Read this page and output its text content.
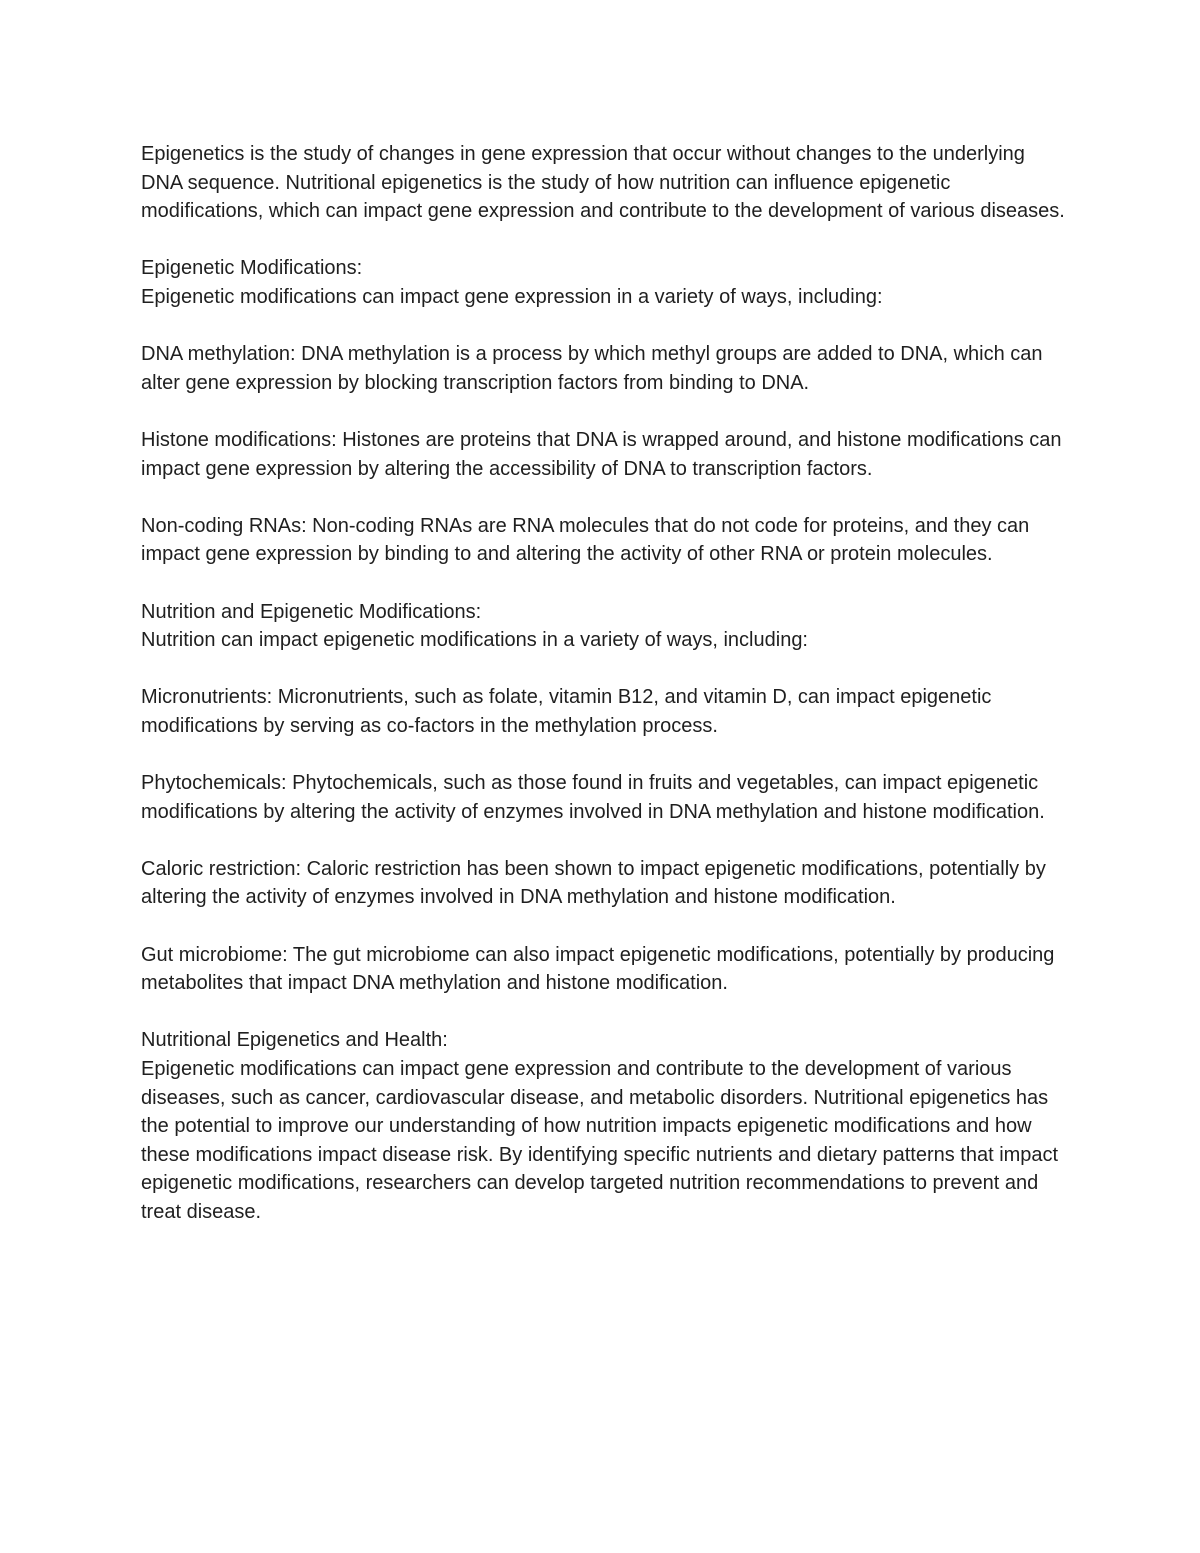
Epigenetics is the study of changes in gene expression that occur without changes to the underlying DNA sequence. Nutritional epigenetics is the study of how nutrition can influence epigenetic modifications, which can impact gene expression and contribute to the development of various diseases.

Epigenetic Modifications:

Epigenetic modifications can impact gene expression in a variety of ways, including:

DNA methylation: DNA methylation is a process by which methyl groups are added to DNA, which can alter gene expression by blocking transcription factors from binding to DNA.

Histone modifications: Histones are proteins that DNA is wrapped around, and histone modifications can impact gene expression by altering the accessibility of DNA to transcription factors.

Non-coding RNAs: Non-coding RNAs are RNA molecules that do not code for proteins, and they can impact gene expression by binding to and altering the activity of other RNA or protein molecules.

Nutrition and Epigenetic Modifications:

Nutrition can impact epigenetic modifications in a variety of ways, including:

Micronutrients: Micronutrients, such as folate, vitamin B12, and vitamin D, can impact epigenetic modifications by serving as co-factors in the methylation process.

Phytochemicals: Phytochemicals, such as those found in fruits and vegetables, can impact epigenetic modifications by altering the activity of enzymes involved in DNA methylation and histone modification.

Caloric restriction: Caloric restriction has been shown to impact epigenetic modifications, potentially by altering the activity of enzymes involved in DNA methylation and histone modification.

Gut microbiome: The gut microbiome can also impact epigenetic modifications, potentially by producing metabolites that impact DNA methylation and histone modification.

Nutritional Epigenetics and Health:

Epigenetic modifications can impact gene expression and contribute to the development of various diseases, such as cancer, cardiovascular disease, and metabolic disorders. Nutritional epigenetics has the potential to improve our understanding of how nutrition impacts epigenetic modifications and how these modifications impact disease risk. By identifying specific nutrients and dietary patterns that impact epigenetic modifications, researchers can develop targeted nutrition recommendations to prevent and treat disease.
